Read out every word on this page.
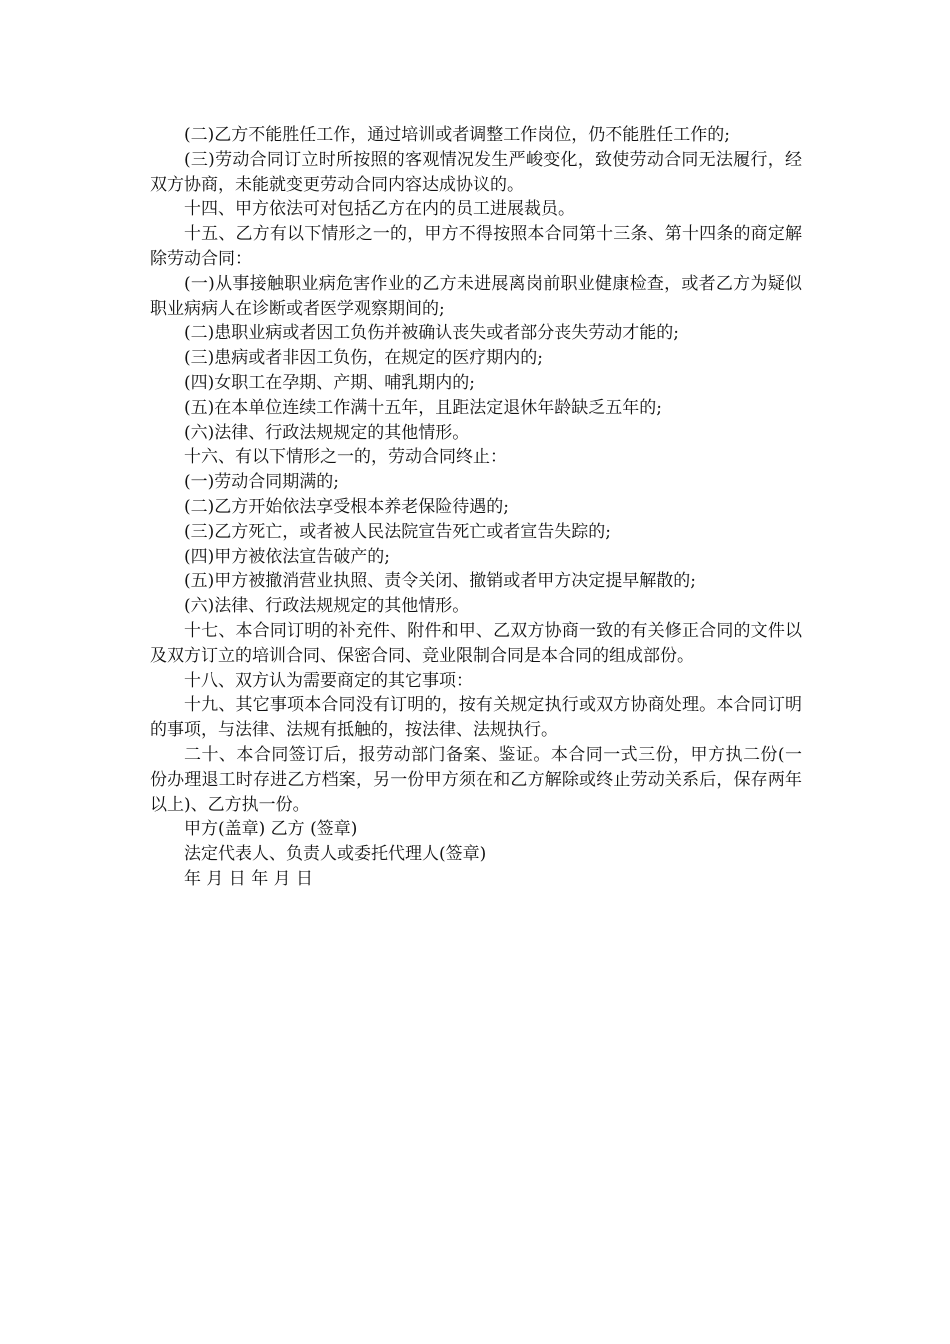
(二)乙方不能胜任工作，通过培训或者调整工作岗位，仍不能胜任工作的;

(三)劳动合同订立时所按照的客观情况发生严峻变化，致使劳动合同无法履行，经双方协商，未能就变更劳动合同内容达成协议的。

十四、甲方依法可对包括乙方在内的员工进展裁员。

十五、乙方有以下情形之一的，甲方不得按照本合同第十三条、第十四条的商定解除劳动合同：

(一)从事接触职业病危害作业的乙方未进展离岗前职业健康检查，或者乙方为疑似职业病病人在诊断或者医学观察期间的;

(二)患职业病或者因工负伤并被确认丧失或者部分丧失劳动才能的;

(三)患病或者非因工负伤，在规定的医疗期内的;

(四)女职工在孕期、产期、哺乳期内的;

(五)在本单位连续工作满十五年，且距法定退休年龄缺乏五年的;

(六)法律、行政法规规定的其他情形。

十六、有以下情形之一的，劳动合同终止：

(一)劳动合同期满的;

(二)乙方开始依法享受根本养老保险待遇的;

(三)乙方死亡，或者被人民法院宣告死亡或者宣告失踪的;

(四)甲方被依法宣告破产的;

(五)甲方被撤消营业执照、责令关闭、撤销或者甲方决定提早解散的;

(六)法律、行政法规规定的其他情形。

十七、本合同订明的补充件、附件和甲、乙双方协商一致的有关修正合同的文件以及双方订立的培训合同、保密合同、竞业限制合同是本合同的组成部份。

十八、双方认为需要商定的其它事项：

十九、其它事项本合同没有订明的，按有关规定执行或双方协商处理。本合同订明的事项，与法律、法规有抵触的，按法律、法规执行。

二十、本合同签订后，报劳动部门备案、鉴证。本合同一式三份，甲方执二份(一份办理退工时存进乙方档案，另一份甲方须在和乙方解除或终止劳动关系后，保存两年以上)、乙方执一份。

甲方(盖章) 乙方 (签章)

法定代表人、负责人或委托代理人(签章)

年 月 日 年 月 日
